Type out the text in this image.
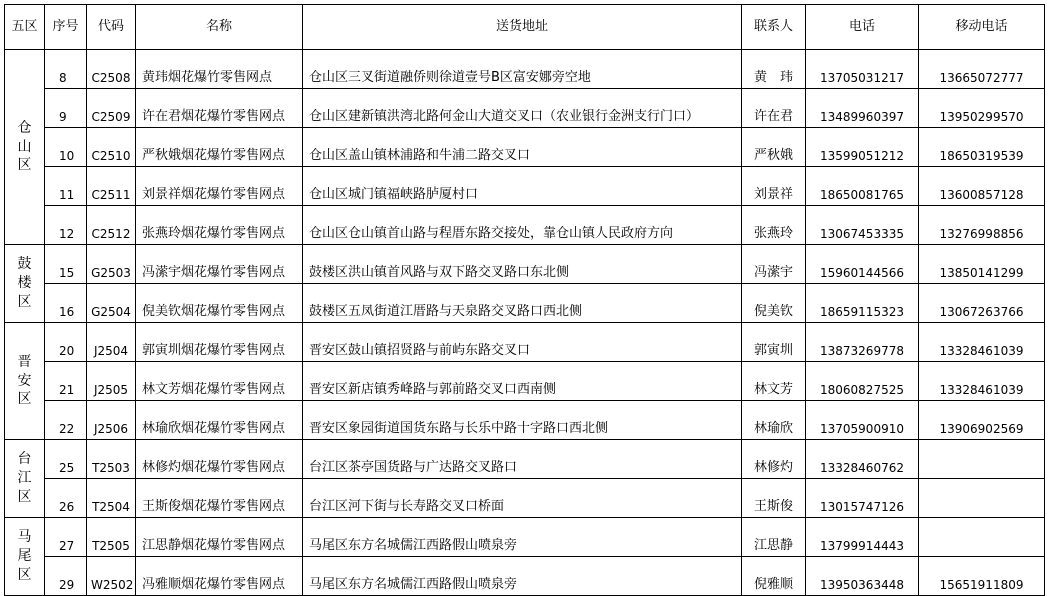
五区	序号	代码	名称	送货地址	联系人	电话	移动电话
仓山区	8	C2508	黄玮烟花爆竹零售网点	仓山区三叉街道融侨则徐道壹号B区富安娜旁空地	黄　玮	13705031217	13665072777
	9	C2509	许在君烟花爆竹零售网点	仓山区建新镇洪湾北路何金山大道交叉口（农业银行金洲支行门口）	许在君	13489960397	13950299570
	10	C2510	严秋娥烟花爆竹零售网点	仓山区盖山镇林浦路和牛浦二路交叉口	严秋娥	13599051212	18650319539
	11	C2511	刘景祥烟花爆竹零售网点	仓山区城门镇福峡路胪厦村口	刘景祥	18650081765	13600857128
	12	C2512	张燕玲烟花爆竹零售网点	仓山区仓山镇首山路与程厝东路交接处，靠仓山镇人民政府方向	张燕玲	13067453335	13276998856
鼓楼区	15	G2503	冯潆宇烟花爆竹零售网点	鼓楼区洪山镇首风路与双下路交叉路口东北侧	冯潆宇	15960144566	13850141299
	16	G2504	倪美钦烟花爆竹零售网点	鼓楼区五凤街道江厝路与天泉路交叉路口西北侧	倪美钦	18659115323	13067263766
晋安区	20	J2504	郭寅圳烟花爆竹零售网点	晋安区鼓山镇招贤路与前屿东路交叉口	郭寅圳	13873269778	13328461039
	21	J2505	林文芳烟花爆竹零售网点	晋安区新店镇秀峰路与郭前路交叉口西南侧	林文芳	18060827525	13328461039
	22	J2506	林瑜欣烟花爆竹零售网点	晋安区象园街道国货东路与长乐中路十字路口西北侧	林瑜欣	13705900910	13906902569
台江区	25	T2503	林修灼烟花爆竹零售网点	台江区茶亭国货路与广达路交叉路口	林修灼	13328460762	
	26	T2504	王斯俊烟花爆竹零售网点	台江区河下街与长寿路交叉口桥面	王斯俊	13015747126	
马尾区	27	T2505	江思静烟花爆竹零售网点	马尾区东方名城儒江西路假山喷泉旁	江思静	13799914443	
	29	W2502	冯雅顺烟花爆竹零售网点	马尾区东方名城儒江西路假山喷泉旁	倪雅顺	13950363448	15651911809
